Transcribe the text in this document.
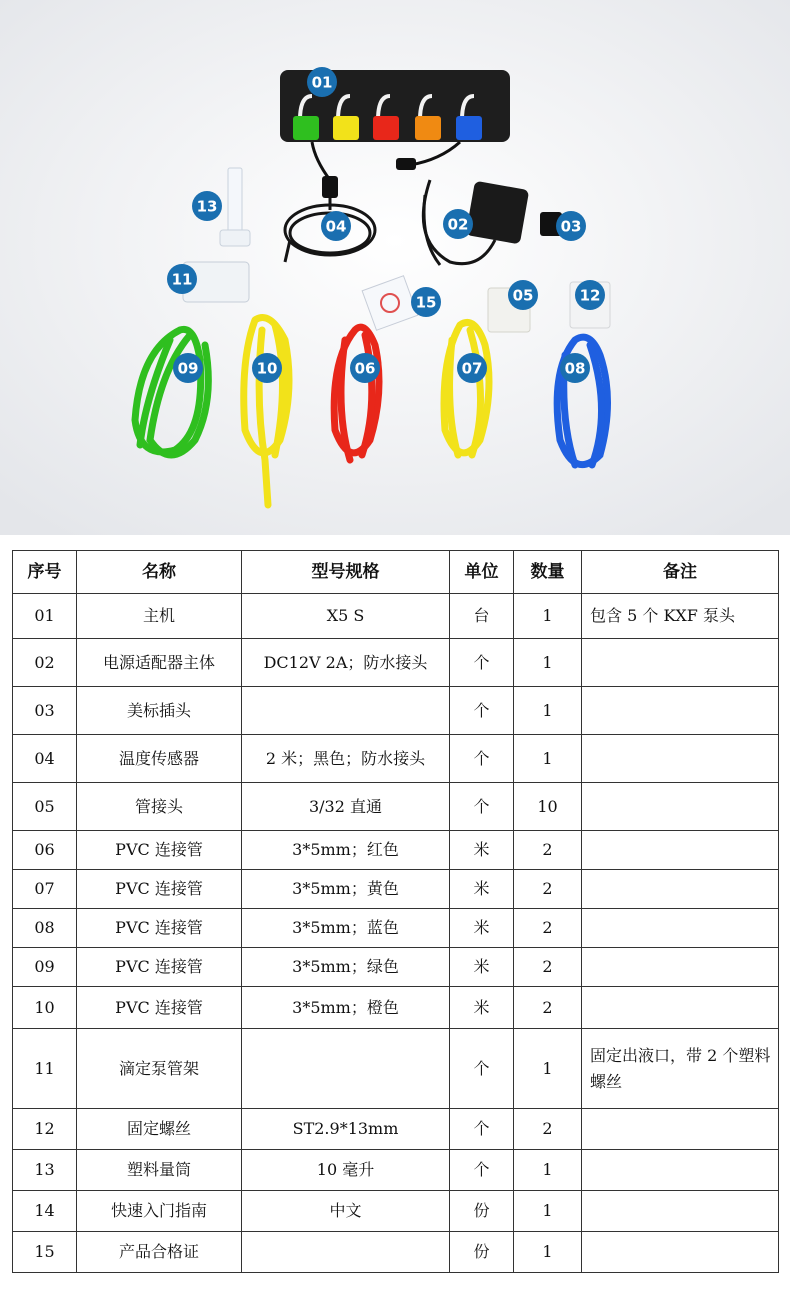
01
02	03
04
05
06	07	08
09	10
11
12
13
15
序号	名称	型号规格	单位	数量	备注
01	主机	X5 S	台	1	包含 5 个 KXF 泵头
02	电源适配器主体	DC12V 2A；防水接头	个	1	
03	美标插头		个	1	
04	温度传感器	2 米；黑色；防水接头	个	1	
05	管接头	3/32 直通	个	10	
06	PVC 连接管	3*5mm；红色	米	2	
07	PVC 连接管	3*5mm；黄色	米	2	
08	PVC 连接管	3*5mm；蓝色	米	2	
09	PVC 连接管	3*5mm；绿色	米	2	
10	PVC 连接管	3*5mm；橙色	米	2	
11	滴定泵管架		个	1	固定出液口，带 2 个塑料螺丝
12	固定螺丝	ST2.9*13mm	个	2	
13	塑料量筒	10 毫升	个	1	
14	快速入门指南	中文	份	1	
15	产品合格证		份	1	
